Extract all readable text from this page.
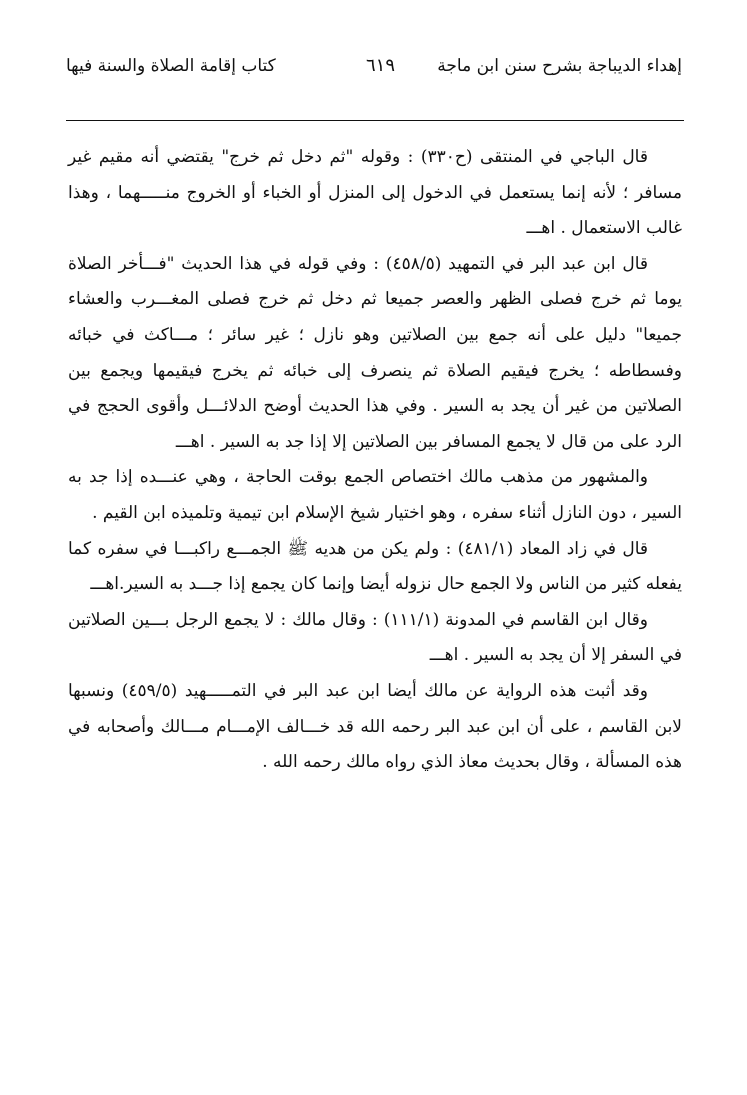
إهداء الديباجة بشرح سنن ابن ماجة
٦١٩
كتاب إقامة الصلاة والسنة فيها

قال الباجي في المنتقى (ح٣٣٠) : وقوله "ثم دخل ثم خرج" يقتضي أنه مقيم غير مسافر ؛ لأنه إنما يستعمل في الدخول إلى المنزل أو الخباء أو الخروج منـــــهما ، وهذا غالب الاستعمال . اهـــ

قال ابن عبد البر في التمهيد (٤٥٨/٥) : وفي قوله في هذا الحديث "فـــأخر الصلاة يوما ثم خرج فصلى الظهر والعصر جميعا ثم دخل ثم خرج فصلى المغـــرب والعشاء جميعا" دليل على أنه جمع بين الصلاتين وهو نازل ؛ غير سائر ؛ مـــاكث في خبائه وفسطاطه ؛ يخرج فيقيم الصلاة ثم ينصرف إلى خبائه ثم يخرج فيقيمها ويجمع بين الصلاتين من غير أن يجد به السير . وفي هذا الحديث أوضح الدلائـــل وأقوى الحجج في الرد على من قال لا يجمع المسافر بين الصلاتين إلا إذا جد به السير . اهـــ

والمشهور من مذهب مالك اختصاص الجمع بوقت الحاجة ، وهي عنـــده إذا جد به السير ، دون النازل أثناء سفره ، وهو اختيار شيخ الإسلام ابن تيمية وتلميذه ابن القيم .

قال في زاد المعاد (٤٨١/١) : ولم يكن من هديه ﷺ الجمـــع راكبـــا في سفره كما يفعله كثير من الناس ولا الجمع حال نزوله أيضا وإنما كان يجمع إذا جـــد به السير.اهـــ

وقال ابن القاسم في المدونة (١١١/١) : وقال مالك : لا يجمع الرجل بـــين الصلاتين في السفر إلا أن يجد به السير . اهـــ

وقد أثبت هذه الرواية عن مالك أيضا ابن عبد البر في التمـــــهيد (٤٥٩/٥) ونسبها لابن القاسم ، على أن ابن عبد البر رحمه الله قد خـــالف الإمـــام مـــالك وأصحابه في هذه المسألة ، وقال بحديث معاذ الذي رواه مالك رحمه الله .
